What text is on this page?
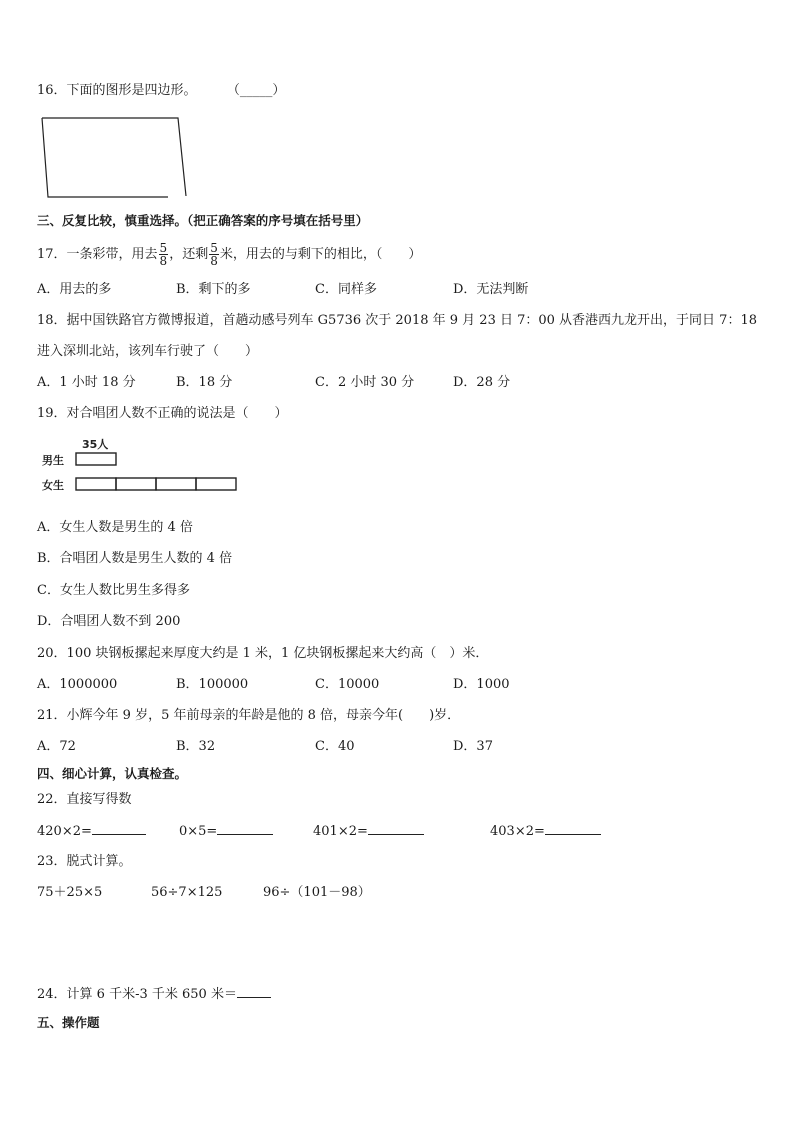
16．下面的图形是四边形。 （_____）
三、反复比较，慎重选择。（把正确答案的序号填在括号里）
17．一条彩带，用去 $\frac{5}{8}$ ，还剩 $\frac{5}{8}$ 米，用去的与剩下的相比，（　　）
A．用去的多	B．剩下的多	C．同样多	D．无法判断
18．据中国铁路官方微博报道，首趟动感号列车 G5736 次于 2018 年 9 月 23 日 7：00 从香港西九龙开出，于同日 7：18
进入深圳北站，该列车行驶了（　　）
A．1 小时 18 分	B．18 分	C．2 小时 30 分	D．28 分
19．对合唱团人数不正确的说法是（　　）
35人
男生
女生
A．女生人数是男生的 4 倍
B．合唱团人数是男生人数的 4 倍
C．女生人数比男生多得多
D．合唱团人数不到 200
20．100 块钢板摞起来厚度大约是 1 米，1 亿块钢板摞起来大约高（　）米．
A．1000000	B．100000	C．10000	D．1000
21．小辉今年 9 岁，5 年前母亲的年龄是他的 8 倍，母亲今年(　　)岁．
A．72	B．32	C．40	D．37
四、细心计算，认真检查。
22．直接写得数
420×2=	0×5=	401×2=	403×2=
23．脱式计算。
75＋25×5	56÷7×125	96÷（101－98）
24．计算 6 千米-3 千米 650 米＝
五、操作题
